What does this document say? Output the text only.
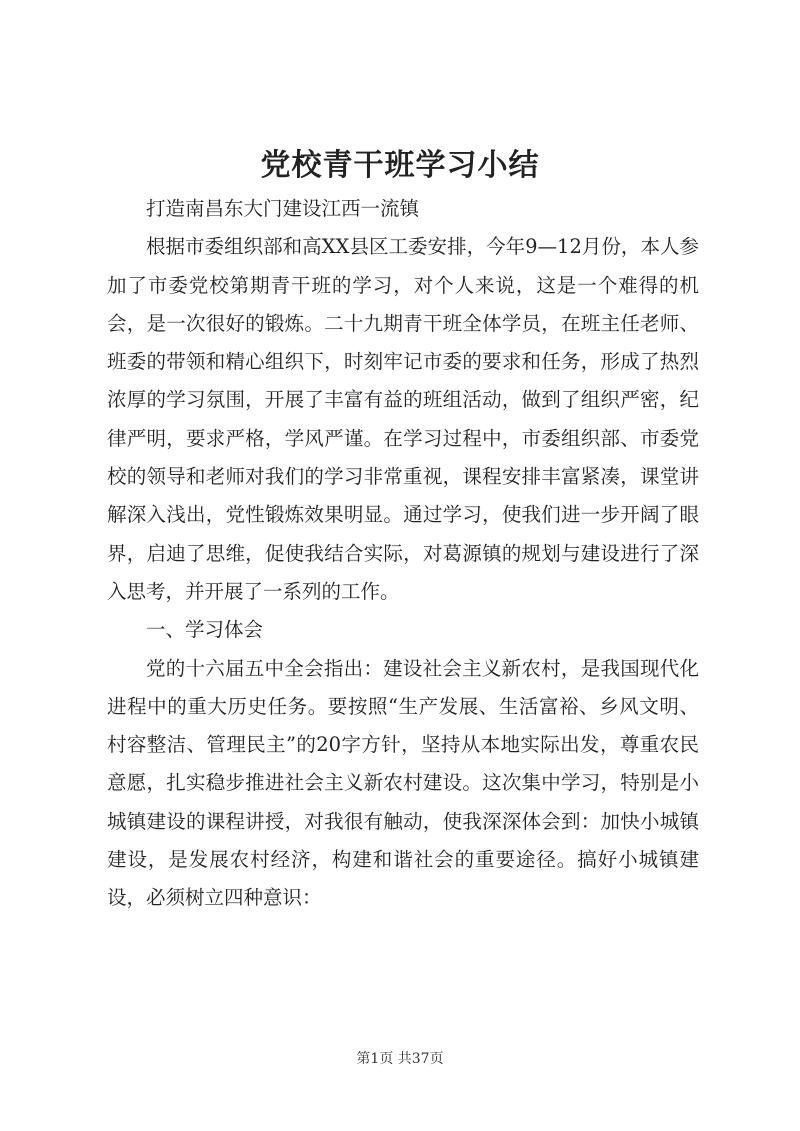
党校青干班学习小结

打造南昌东大门建设江西一流镇

根据市委组织部和高XX县区工委安排，今年9—12月份，本人参加了市委党校第期青干班的学习，对个人来说，这是一个难得的机会，是一次很好的锻炼。二十九期青干班全体学员，在班主任老师、班委的带领和精心组织下，时刻牢记市委的要求和任务，形成了热烈浓厚的学习氛围，开展了丰富有益的班组活动，做到了组织严密，纪律严明，要求严格，学风严谨。在学习过程中，市委组织部、市委党校的领导和老师对我们的学习非常重视，课程安排丰富紧凑，课堂讲解深入浅出，党性锻炼效果明显。通过学习，使我们进一步开阔了眼界，启迪了思维，促使我结合实际，对葛源镇的规划与建设进行了深入思考，并开展了一系列的工作。

一、学习体会

党的十六届五中全会指出：建设社会主义新农村，是我国现代化进程中的重大历史任务。要按照“生产发展、生活富裕、乡风文明、村容整洁、管理民主”的20字方针，坚持从本地实际出发，尊重农民意愿，扎实稳步推进社会主义新农村建设。这次集中学习，特别是小城镇建设的课程讲授，对我很有触动，使我深深体会到：加快小城镇建设，是发展农村经济，构建和谐社会的重要途径。搞好小城镇建设，必须树立四种意识：

第1页 共37页
